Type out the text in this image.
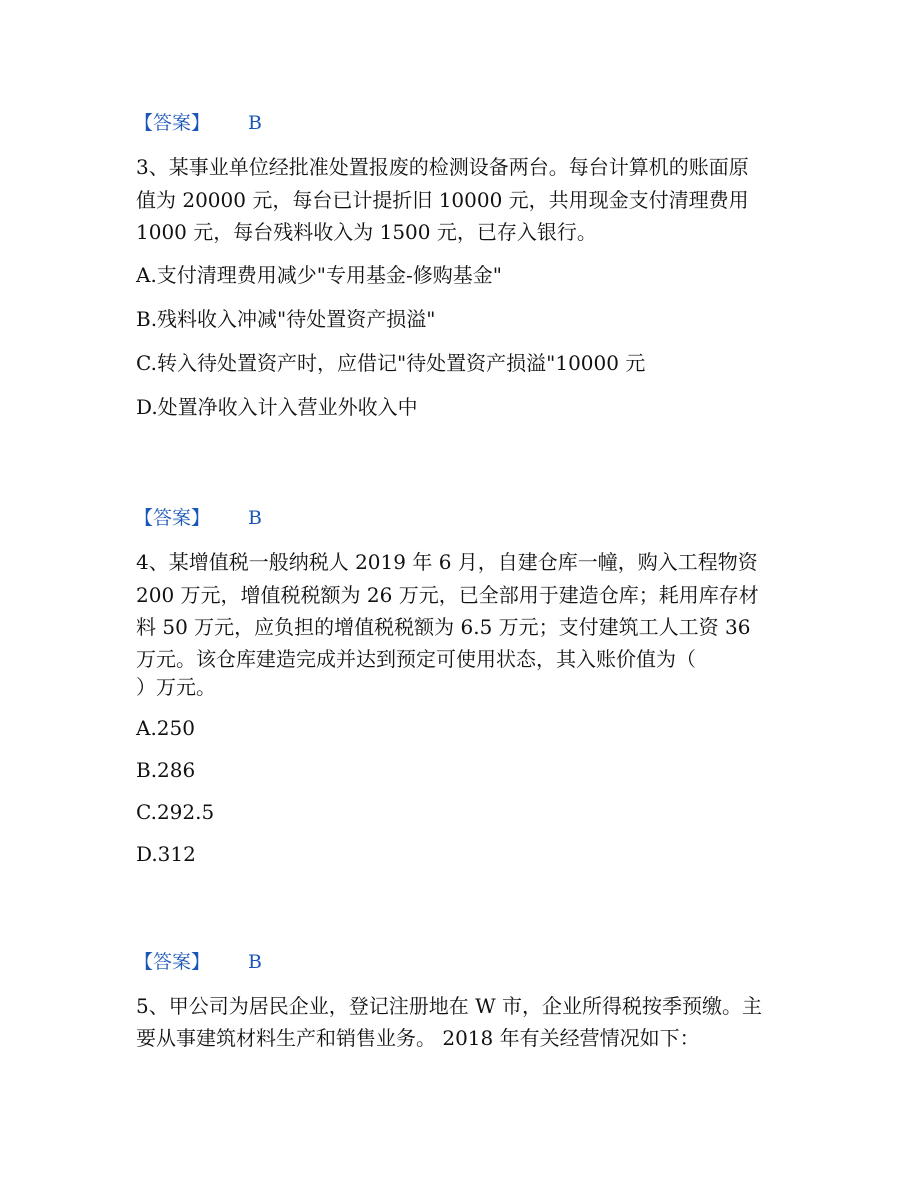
【答案】 B
3、某事业单位经批准处置报废的检测设备两台。每台计算机的账面原
值为 20000 元，每台已计提折旧 10000 元，共用现金支付清理费用
1000 元，每台残料收入为 1500 元，已存入银行。
A.支付清理费用减少"专用基金-修购基金"
B.残料收入冲减"待处置资产损溢"
C.转入待处置资产时，应借记"待处置资产损溢"10000 元
D.处置净收入计入营业外收入中
【答案】 B
4、某增值税一般纳税人 2019 年 6 月，自建仓库一幢，购入工程物资
200 万元，增值税税额为 26 万元，已全部用于建造仓库；耗用库存材
料 50 万元，应负担的增值税税额为 6.5 万元；支付建筑工人工资 36
万元。该仓库建造完成并达到预定可使用状态，其入账价值为（
）万元。
A.250
B.286
C.292.5
D.312
【答案】 B
5、甲公司为居民企业，登记注册地在 W 市，企业所得税按季预缴。主
要从事建筑材料生产和销售业务。 2018 年有关经营情况如下：
